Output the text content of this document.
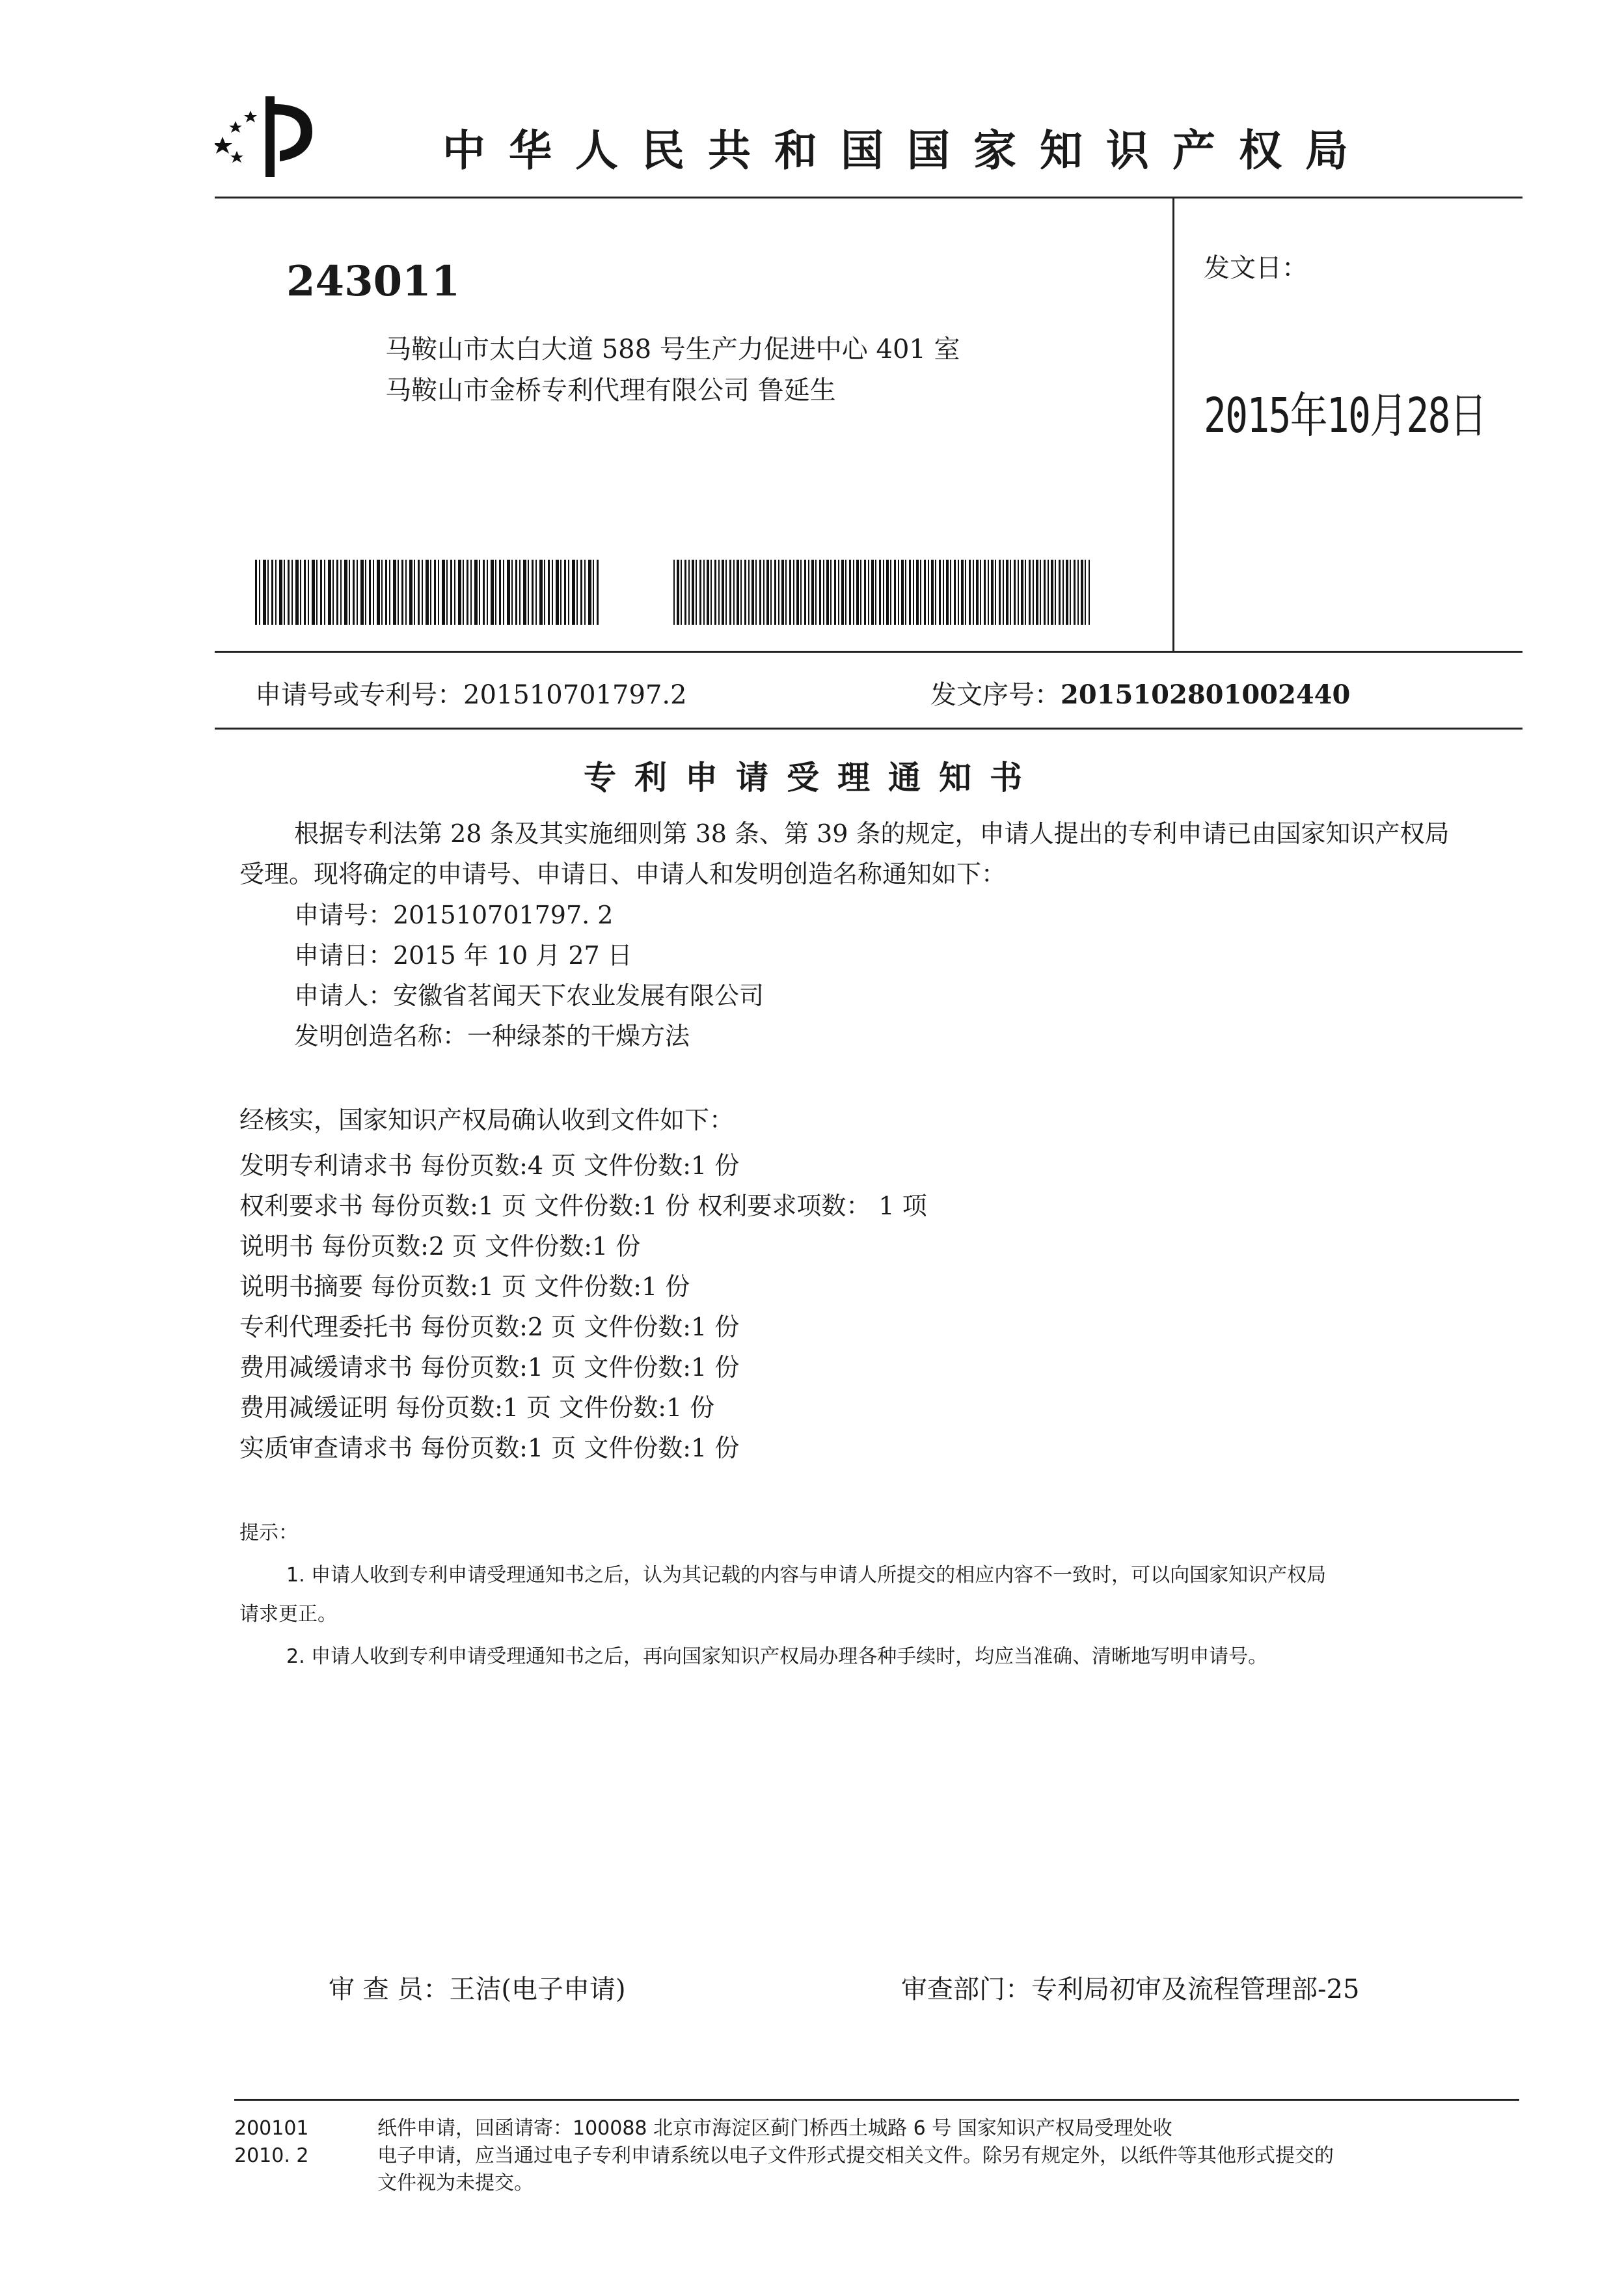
中华人民共和国国家知识产权局
243011
马鞍山市太白大道 588 号生产力促进中心 401 室
马鞍山市金桥专利代理有限公司 鲁延生
发文日：
2015年10月28日
申请号或专利号：201510701797.2	发文序号：2015102801002440
专利申请受理通知书
根据专利法第 28 条及其实施细则第 38 条、第 39 条的规定，申请人提出的专利申请已由国家知识产权局
受理。现将确定的申请号、申请日、申请人和发明创造名称通知如下：
申请号：201510701797. 2
申请日：2015 年 10 月 27 日
申请人：安徽省茗闻天下农业发展有限公司
发明创造名称：一种绿茶的干燥方法
经核实，国家知识产权局确认收到文件如下：
发明专利请求书 每份页数:4 页 文件份数:1 份
权利要求书 每份页数:1 页 文件份数:1 份 权利要求项数： 1 项
说明书 每份页数:2 页 文件份数:1 份
说明书摘要 每份页数:1 页 文件份数:1 份
专利代理委托书 每份页数:2 页 文件份数:1 份
费用减缓请求书 每份页数:1 页 文件份数:1 份
费用减缓证明 每份页数:1 页 文件份数:1 份
实质审查请求书 每份页数:1 页 文件份数:1 份
提示：
1. 申请人收到专利申请受理通知书之后，认为其记载的内容与申请人所提交的相应内容不一致时，可以向国家知识产权局
请求更正。
2. 申请人收到专利申请受理通知书之后，再向国家知识产权局办理各种手续时，均应当准确、清晰地写明申请号。
审 查 员：王洁(电子申请)	审查部门：专利局初审及流程管理部-25
200101
2010. 2
纸件申请，回函请寄：100088 北京市海淀区蓟门桥西土城路 6 号 国家知识产权局受理处收
电子申请，应当通过电子专利申请系统以电子文件形式提交相关文件。除另有规定外，以纸件等其他形式提交的
文件视为未提交。
